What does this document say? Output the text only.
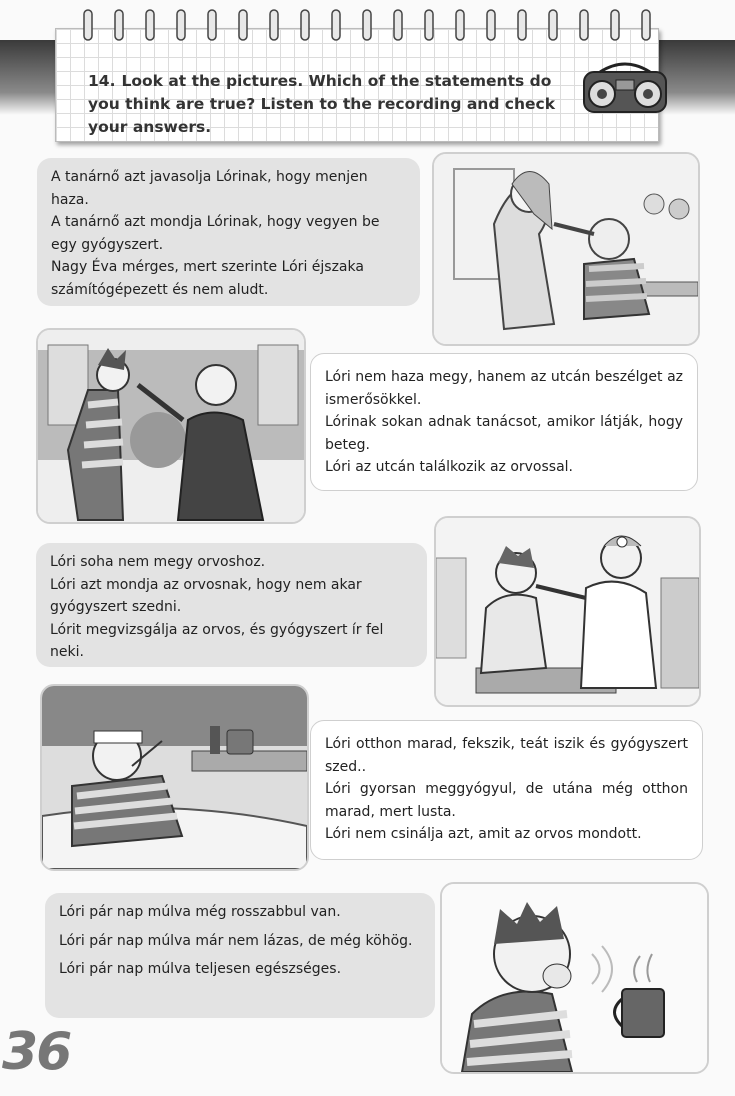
14. Look at the pictures. Which of the statements do you think are true? Listen to the recording and check your answers.

A tanárnő azt javasolja Lórinak, hogy menjen haza.

A tanárnő azt mondja Lórinak, hogy vegyen be egy gyógyszert.

Nagy Éva mérges, mert szerinte Lóri éjszaka számítógépezett és nem aludt.

Lóri nem haza megy, hanem az utcán beszélget az ismerősökkel.

Lórinak sokan adnak tanácsot, amikor látják, hogy beteg.

Lóri az utcán találkozik az orvossal.

Lóri soha nem megy orvoshoz.

Lóri azt mondja az orvosnak, hogy nem akar gyógyszert szedni.

Lórit megvizsgálja az orvos, és gyógyszert ír fel neki.

Lóri otthon marad, fekszik, teát iszik és gyógyszert szed..

Lóri gyorsan meggyógyul, de utána még otthon marad, mert lusta.

Lóri nem csinálja azt, amit az orvos mondott.

Lóri pár nap múlva még rosszabbul van.

Lóri pár nap múlva már nem lázas, de még köhög.

Lóri pár nap múlva teljesen egészséges.

36
